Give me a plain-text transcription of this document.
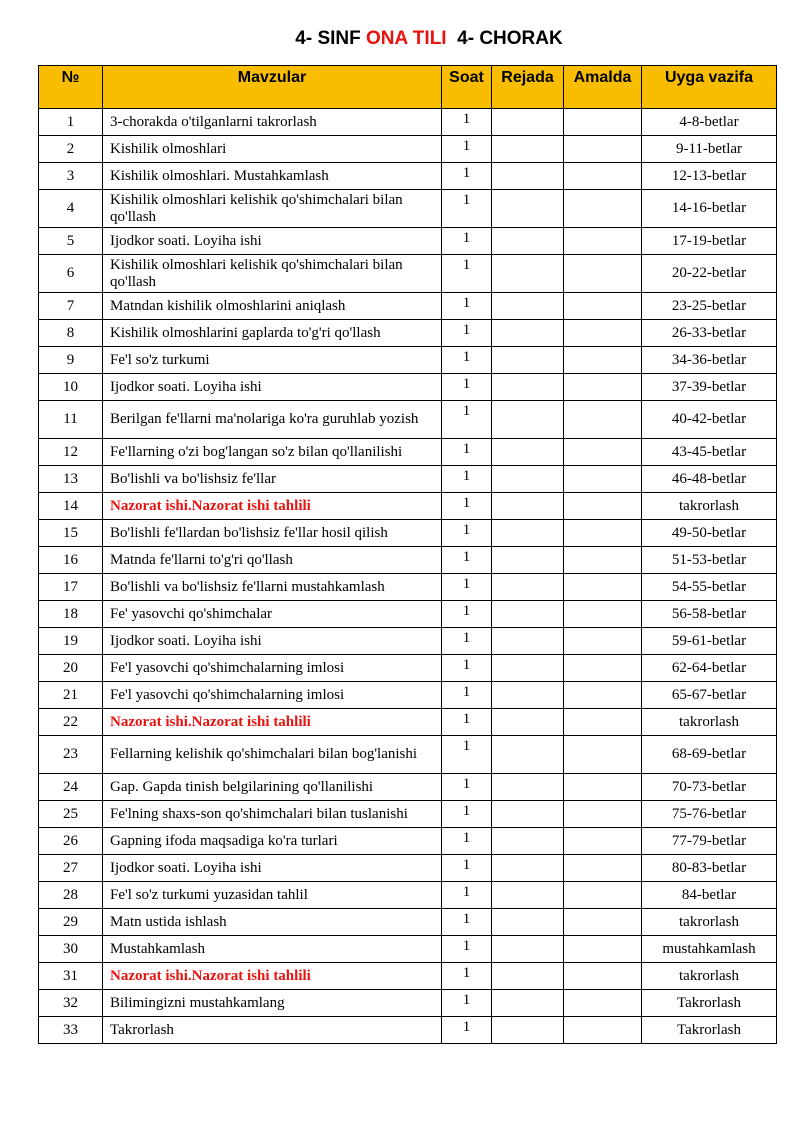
4- SINF ONA TILI  4- CHORAK
№	Mavzular	Soat	Rejada	Amalda	Uyga vazifa
1	3-chorakda o'tilganlarni takrorlash	1			4-8-betlar
2	Kishilik olmoshlari	1			9-11-betlar
3	Kishilik olmoshlari. Mustahkamlash	1			12-13-betlar
4	Kishilik olmoshlari kelishik qo'shimchalari bilan qo'llash	1			14-16-betlar
5	Ijodkor soati. Loyiha ishi	1			17-19-betlar
6	Kishilik olmoshlari kelishik qo'shimchalari bilan qo'llash	1			20-22-betlar
7	Matndan kishilik olmoshlarini aniqlash	1			23-25-betlar
8	Kishilik olmoshlarini gaplarda to'g'ri qo'llash	1			26-33-betlar
9	Fe'l so'z turkumi	1			34-36-betlar
10	Ijodkor soati. Loyiha ishi	1			37-39-betlar
11	Berilgan fe'llarni ma'nolariga ko'ra guruhlab yozish	1			40-42-betlar
12	Fe'llarning o'zi bog'langan so'z bilan qo'llanilishi	1			43-45-betlar
13	Bo'lishli va bo'lishsiz fe'llar	1			46-48-betlar
14	Nazorat ishi.Nazorat ishi tahlili	1			takrorlash
15	Bo'lishli fe'llardan bo'lishsiz fe'llar hosil qilish	1			49-50-betlar
16	Matnda fe'llarni to'g'ri qo'llash	1			51-53-betlar
17	Bo'lishli va bo'lishsiz fe'llarni mustahkamlash	1			54-55-betlar
18	Fe' yasovchi qo'shimchalar	1			56-58-betlar
19	Ijodkor soati. Loyiha ishi	1			59-61-betlar
20	Fe'l yasovchi qo'shimchalarning imlosi	1			62-64-betlar
21	Fe'l yasovchi qo'shimchalarning imlosi	1			65-67-betlar
22	Nazorat ishi.Nazorat ishi tahlili	1			takrorlash
23	Fellarning kelishik qo'shimchalari bilan bog'lanishi	1			68-69-betlar
24	Gap. Gapda tinish belgilarining qo'llanilishi	1			70-73-betlar
25	Fe'lning shaxs-son qo'shimchalari bilan tuslanishi	1			75-76-betlar
26	Gapning ifoda maqsadiga ko'ra turlari	1			77-79-betlar
27	Ijodkor soati. Loyiha ishi	1			80-83-betlar
28	Fe'l so'z turkumi yuzasidan tahlil	1			84-betlar
29	Matn ustida ishlash	1			takrorlash
30	Mustahkamlash	1			mustahkamlash
31	Nazorat ishi.Nazorat ishi tahlili	1			takrorlash
32	Bilimingizni mustahkamlang	1			Takrorlash
33	Takrorlash	1			Takrorlash
